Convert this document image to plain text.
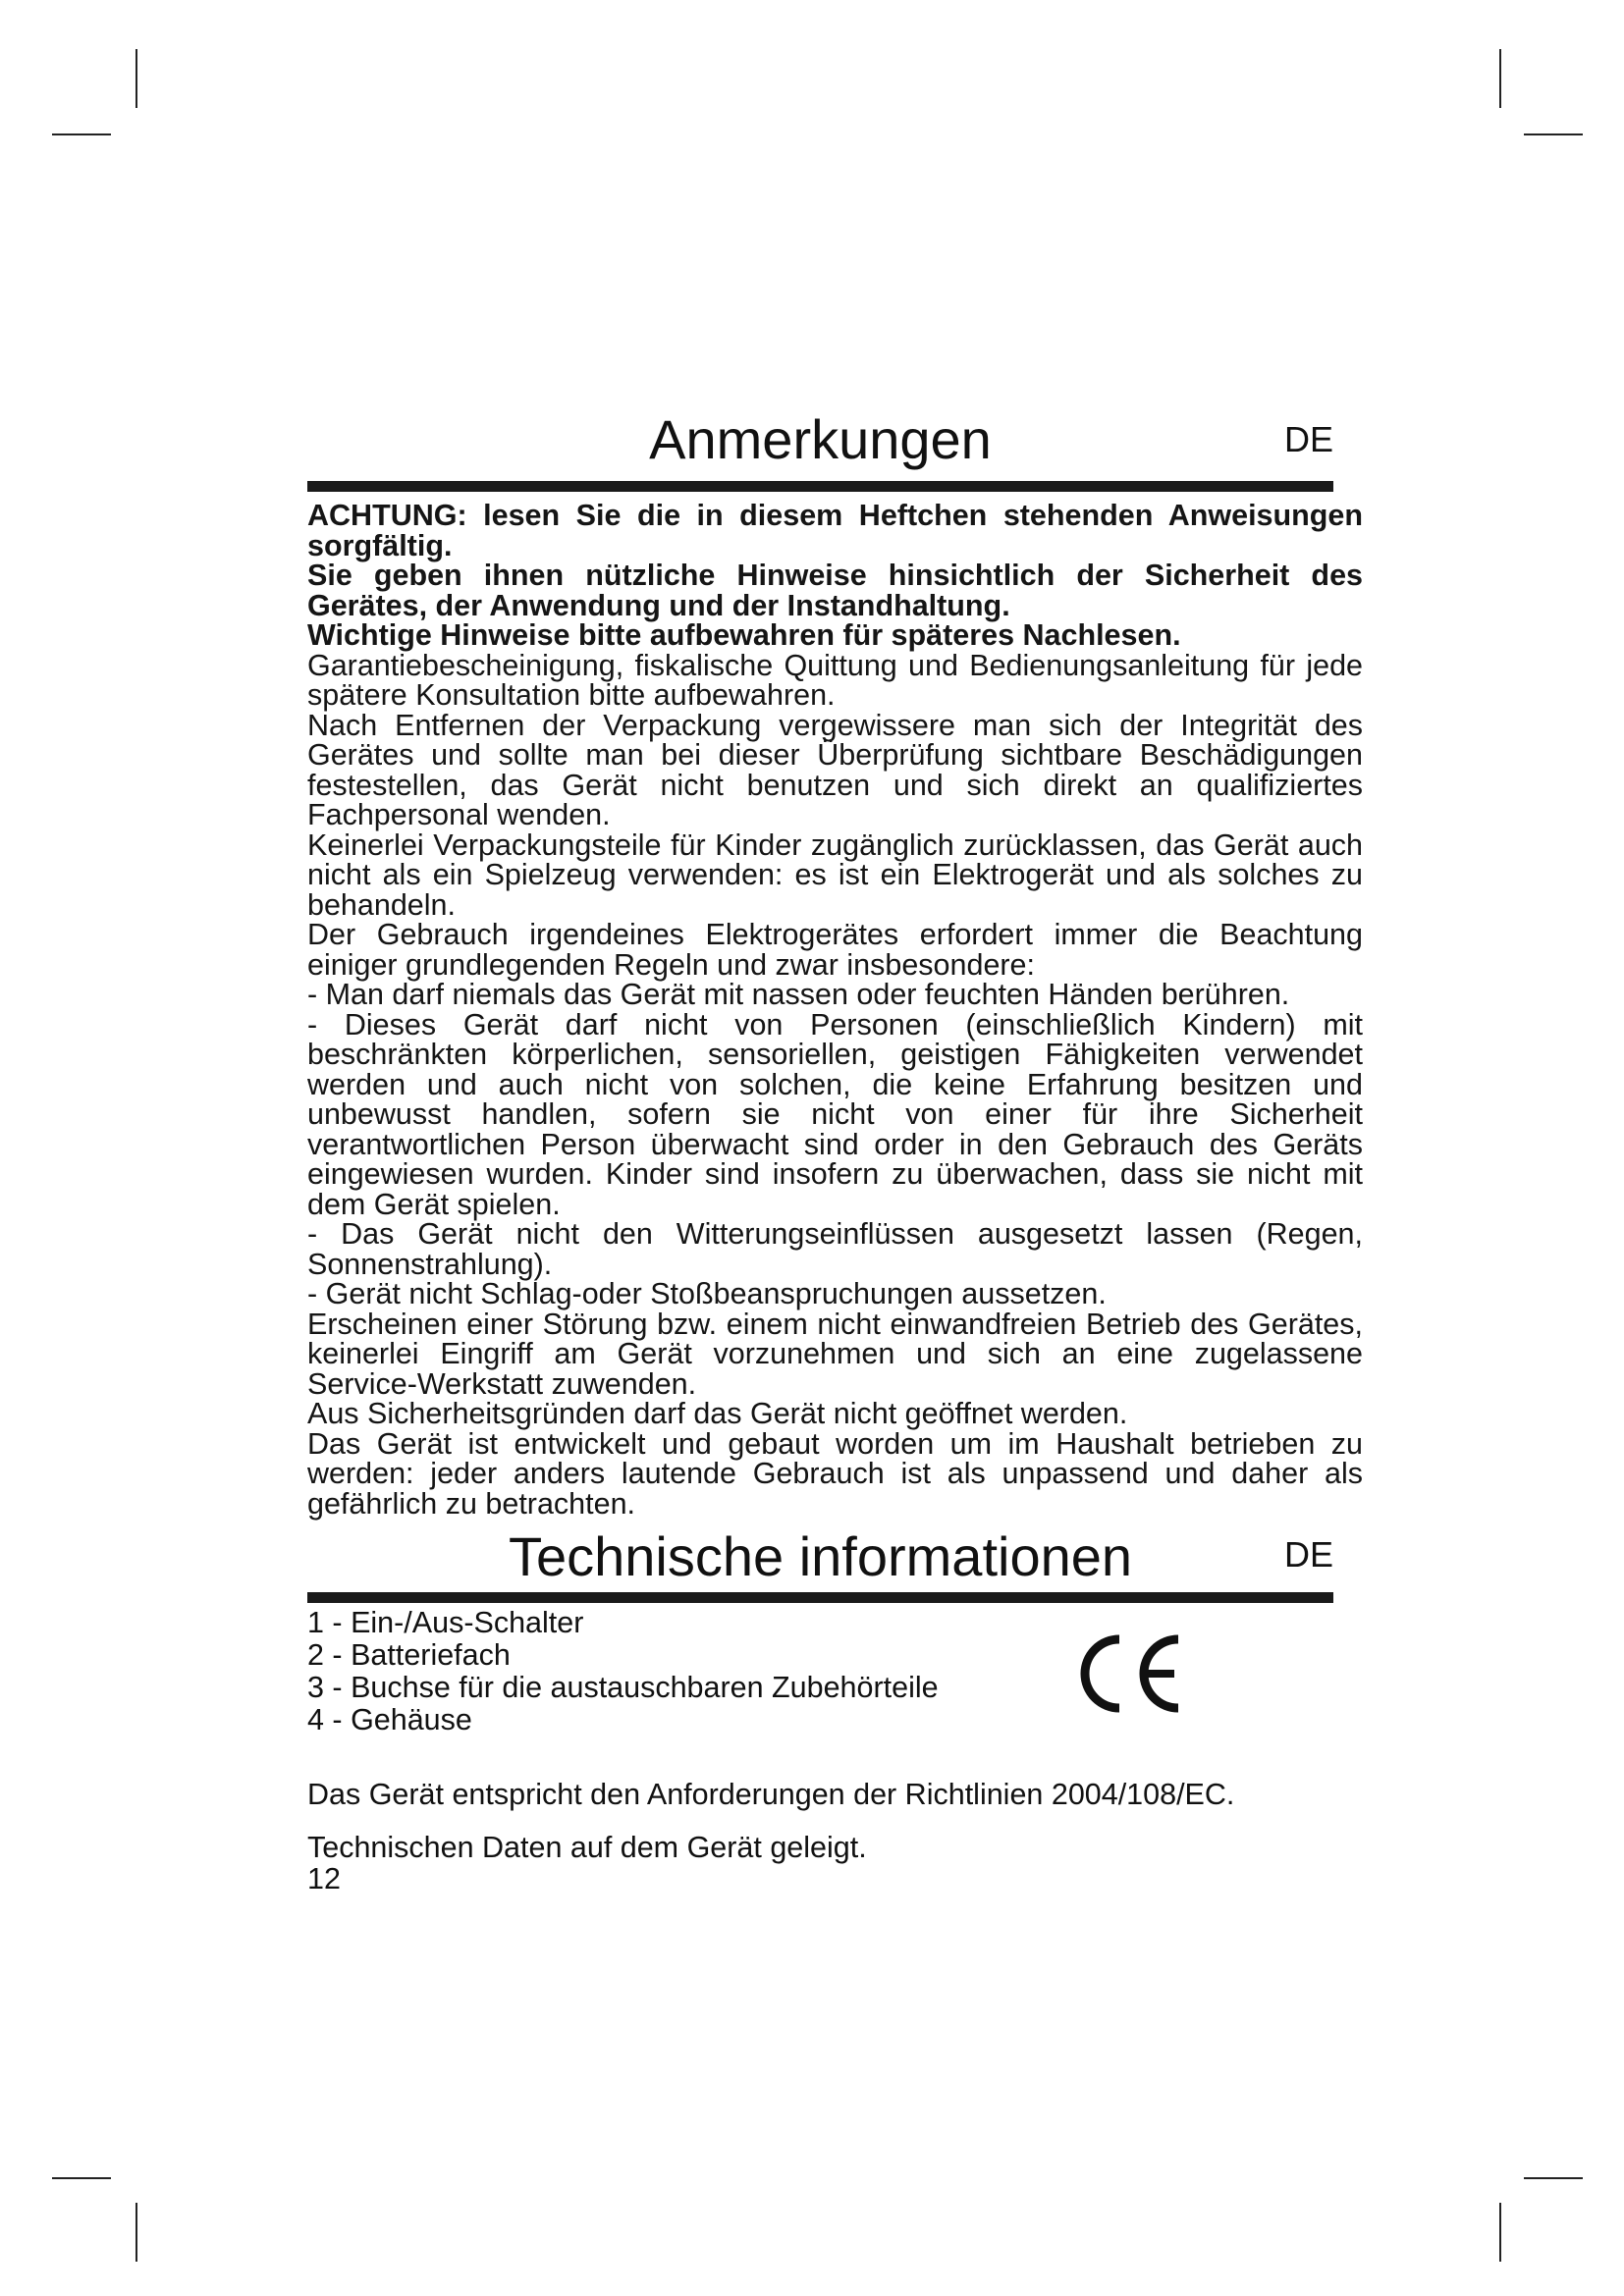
Anmerkungen	DE

ACHTUNG: lesen Sie die in diesem Heftchen stehenden Anweisungen sorgfältig.

Sie geben ihnen nützliche Hinweise hinsichtlich der Sicherheit des Gerätes, der Anwendung und der Instandhaltung.

Wichtige Hinweise bitte aufbewahren für späteres Nachlesen.

Garantiebescheinigung, fiskalische Quittung und Bedienungsanleitung für jede spätere Konsultation bitte aufbewahren.

Nach Entfernen der Verpackung vergewissere man sich der Integrität des Gerätes und sollte man bei dieser Überprüfung sichtbare Beschädigungen festestellen, das Gerät nicht benutzen und sich direkt an qualifiziertes Fachpersonal wenden.

Keinerlei Verpackungsteile für Kinder zugänglich zurücklassen, das Gerät auch nicht als ein Spielzeug verwenden: es ist ein Elektrogerät und als solches zu behandeln.

Der Gebrauch irgendeines Elektrogerätes erfordert immer die Beachtung einiger grundlegenden Regeln und zwar insbesondere:

- Man darf niemals das Gerät mit nassen oder feuchten Händen berühren.

- Dieses Gerät darf nicht von Personen (einschließlich Kindern) mit beschränkten körperlichen, sensoriellen, geistigen Fähigkeiten verwendet werden und auch nicht von solchen, die keine Erfahrung besitzen und unbewusst handlen, sofern sie nicht von einer für ihre Sicherheit verantwortlichen Person überwacht sind order in den Gebrauch des Geräts eingewiesen wurden. Kinder sind insofern zu überwachen, dass sie nicht mit dem Gerät spielen.

- Das Gerät nicht den Witterungseinflüssen ausgesetzt lassen (Regen, Sonnenstrahlung).

- Gerät nicht Schlag-oder Stoßbeanspruchungen aussetzen.

Erscheinen einer Störung bzw. einem nicht einwandfreien Betrieb des Gerätes, keinerlei Eingriff am Gerät vorzunehmen und sich an eine zugelassene Service-Werkstatt zuwenden.

Aus Sicherheitsgründen darf das Gerät nicht geöffnet werden.

Das Gerät ist entwickelt und gebaut worden um im Haushalt betrieben zu werden: jeder anders lautende Gebrauch ist als unpassend und daher als gefährlich zu betrachten.

Technische informationen	DE
1 - Ein-/Aus-Schalter
2 - Batteriefach
3 - Buchse für die austauschbaren Zubehörteile
4 - Gehäuse
Das Gerät entspricht den Anforderungen der Richtlinien 2004/108/EC.
Technischen Daten auf dem Gerät geleigt.
12
